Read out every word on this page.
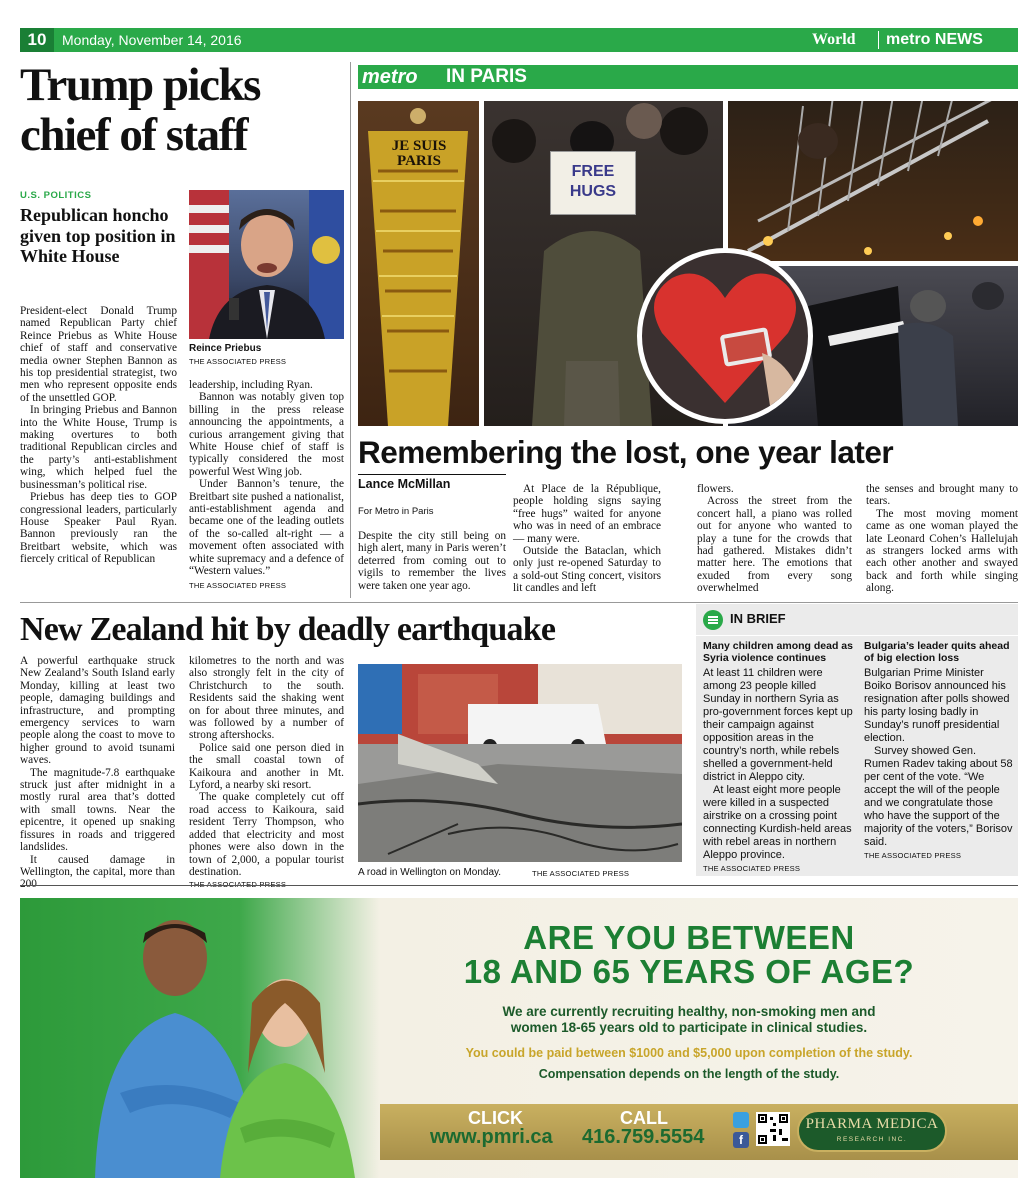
10	Monday, November 14, 2016	World metro NEWS
Trump picks chief of staff
U.S. POLITICS
Republican honcho given top position in White House
Reince Priebus
THE ASSOCIATED PRESS

President-elect Donald Trump named Republican Party chief Reince Priebus as White House chief of staff and conservative media owner Stephen Bannon as his top presidential strategist, two men who represent opposite ends of the unsettled GOP.

In bringing Priebus and Bannon into the White House, Trump is making overtures to both traditional Republican circles and the party’s anti-establishment wing, which helped fuel the businessman’s political rise.

Priebus has deep ties to GOP congressional leaders, particularly House Speaker Paul Ryan. Bannon previously ran the Breitbart website, which was fiercely critical of Republican

leadership, including Ryan.

Bannon was notably given top billing in the press release announcing the appointments, a curious arrangement giving that White House chief of staff is typically considered the most powerful West Wing job.

Under Bannon’s tenure, the Breitbart site pushed a nationalist, anti-establishment agenda and became one of the leading outlets of the so-called alt-right — a movement often associated with white supremacy and a defence of “Western values.”

THE ASSOCIATED PRESS
metro IN PARIS
JE SUIS PARIS
FREE HUGS
Remembering the lost, one year later
Lance McMillan
For Metro in Paris

Despite the city still being on high alert, many in Paris weren’t deterred from coming out to vigils to remember the lives were taken one year ago.

At Place de la République, people holding signs saying “free hugs” waited for anyone who was in need of an embrace — many were.

Outside the Bataclan, which only just re-opened Saturday to a sold-out Sting concert, visitors lit candles and left

flowers.

Across the street from the concert hall, a piano was rolled out for anyone who wanted to play a tune for the crowds that had gathered. Mistakes didn’t matter here. The emotions that exuded from every song overwhelmed

the senses and brought many to tears.

The most moving moment came as one woman played the late Leonard Cohen’s Hallelujah as strangers locked arms with each other another and swayed back and forth while singing along.

New Zealand hit by deadly earthquake

A powerful earthquake struck New Zealand’s South Island early Monday, killing at least two people, damaging buildings and infrastructure, and prompting emergency services to warn people along the coast to move to higher ground to avoid tsunami waves.

The magnitude-7.8 earthquake struck just after midnight in a mostly rural area that’s dotted with small towns. Near the epicentre, it opened up snaking fissures in roads and triggered landslides.

It caused damage in Wellington, the capital, more than

kilometres to the north and was also strongly felt in the city of Christchurch to the south. Residents said the shaking went on for about three minutes, and was followed by a number of strong aftershocks.

Police said one person died in the small coastal town of Kaikoura and another in Mt. Lyford, a nearby ski resort.

The quake completely cut off road access to Kaikoura, said resident Terry Thompson, who added that electricity and most phones were also down in the town of 2,000, a popular tourist destination.	A road in Wellington on Monday.	THE ASSOCIATED PRESS
IN BRIEF
Many children among dead as Syria violence continues

At least 11 children were among 23 people killed Sunday in northern Syria as pro-government forces kept up their campaign against opposition areas in the country’s north, while rebels shelled a government-held district in Aleppo city.

At least eight more people were killed in a suspected airstrike on a crossing point connecting Kurdish-held areas with rebel areas in northern Aleppo province.

THE ASSOCIATED PRESS
Bulgaria’s leader quits ahead of big election loss

Bulgarian Prime Minister Boiko Borisov announced his resignation after polls showed his party losing badly in Sunday’s runoff presidential election.

Survey showed Gen. Rumen Radev taking about 58 per cent of the vote. “We accept the will of the people and we congratulate those who have the support of the majority of the voters,” Borisov said.

THE ASSOCIATED PRESS
ARE YOU BETWEEN
18 AND 65 YEARS OF AGE?
We are currently recruiting healthy, non-smoking men and
women 18-65 years old to participate in clinical studies.
You could be paid between $1000 and $5,000 upon completion of the study.
Compensation depends on the length of the study.
CLICK
www.pmri.ca
CALL
416.759.5554	f
PHARMA MEDICA
RESEARCH INC.
